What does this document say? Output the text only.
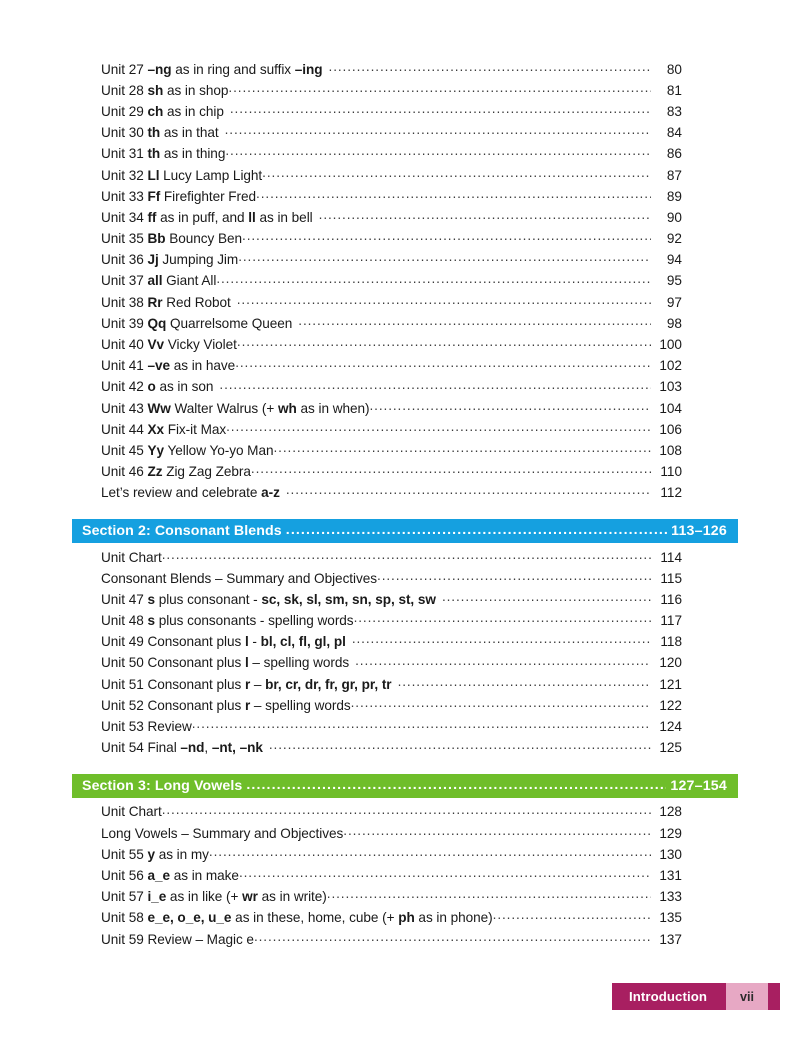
Unit 27 –ng as in ring and suffix –ing .....	80
Unit 28 sh as in shop .....	81
Unit 29 ch as in chip .....	83
Unit 30 th as in that .....	84
Unit 31 th as in thing .....	86
Unit 32 Ll Lucy Lamp Light .....	87
Unit 33 Ff Firefighter Fred .....	89
Unit 34 ff as in puff, and ll as in bell .....	90
Unit 35 Bb Bouncy Ben .....	92
Unit 36 Jj Jumping Jim .....	94
Unit 37 all Giant All .....	95
Unit 38 Rr Red Robot .....	97
Unit 39 Qq Quarrelsome Queen .....	98
Unit 40 Vv Vicky Violet .....	100
Unit 41 –ve as in have .....	102
Unit 42 o as in son .....	103
Unit 43 Ww Walter Walrus (+ wh as in when) .....	104
Unit 44 Xx Fix-it Max .....	106
Unit 45 Yy Yellow Yo-yo Man .....	108
Unit 46 Zz Zig Zag Zebra .....	110
Let’s review and celebrate a-z .....	112
Section 2: Consonant Blends .....	113–126
Unit Chart .....	114
Consonant Blends – Summary and Objectives .....	115
Unit 47 s plus consonant - sc, sk, sl, sm, sn, sp, st, sw .....	116
Unit 48 s plus consonants - spelling words .....	117
Unit 49 Consonant plus l - bl, cl, fl, gl, pl .....	118
Unit 50 Consonant plus l – spelling words .....	120
Unit 51 Consonant plus r – br, cr, dr, fr, gr, pr, tr .....	121
Unit 52 Consonant plus r – spelling words .....	122
Unit 53 Review .....	124
Unit 54 Final –nd, –nt, –nk .....	125
Section 3: Long Vowels .....	127–154
Unit Chart .....	128
Long Vowels – Summary and Objectives .....	129
Unit 55 y as in my .....	130
Unit 56 a_e as in make .....	131
Unit 57 i_e as in like (+ wr as in write) .....	133
Unit 58 e_e, o_e, u_e as in these, home, cube (+ ph as in phone) .....	135
Unit 59 Review – Magic e .....	137
Introduction	vii
